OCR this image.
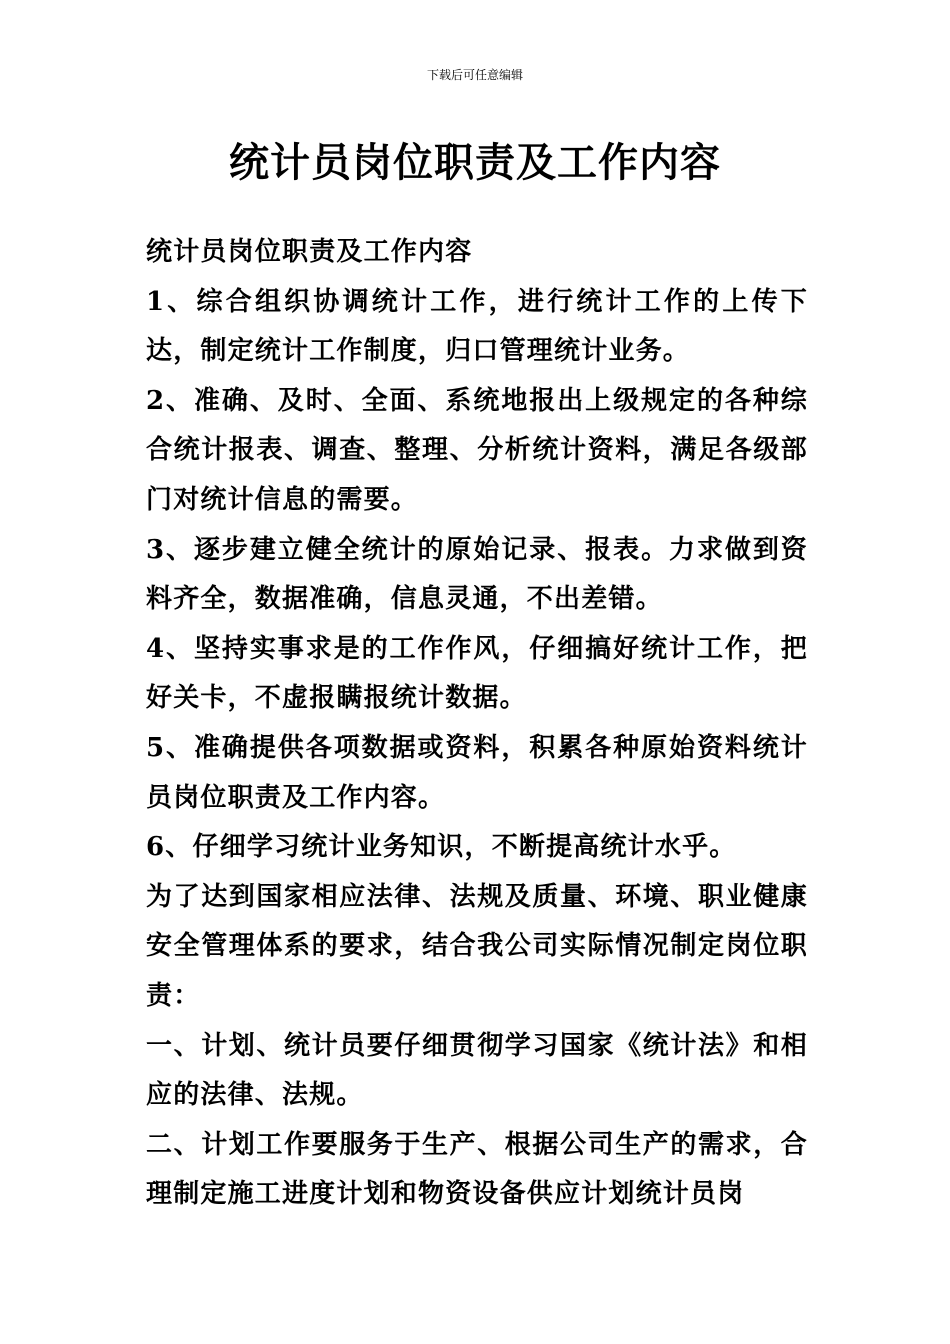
下载后可任意编辑
统计员岗位职责及工作内容

统计员岗位职责及工作内容

1、综合组织协调统计工作，进行统计工作的上传下达，制定统计工作制度，归口管理统计业务。

2、准确、及时、全面、系统地报出上级规定的各种综合统计报表、调查、整理、分析统计资料，满足各级部门对统计信息的需要。

3、逐步建立健全统计的原始记录、报表。力求做到资料齐全，数据准确，信息灵通，不出差错。

4、坚持实事求是的工作作风，仔细搞好统计工作，把好关卡，不虚报瞒报统计数据。

5、准确提供各项数据或资料，积累各种原始资料统计员岗位职责及工作内容。

6、仔细学习统计业务知识，不断提高统计水乎。

为了达到国家相应法律、法规及质量、环境、职业健康安全管理体系的要求，结合我公司实际情况制定岗位职责：

一、计划、统计员要仔细贯彻学习国家《统计法》和相应的法律、法规。

二、计划工作要服务于生产、根据公司生产的需求，合理制定施工进度计划和物资设备供应计划统计员岗
